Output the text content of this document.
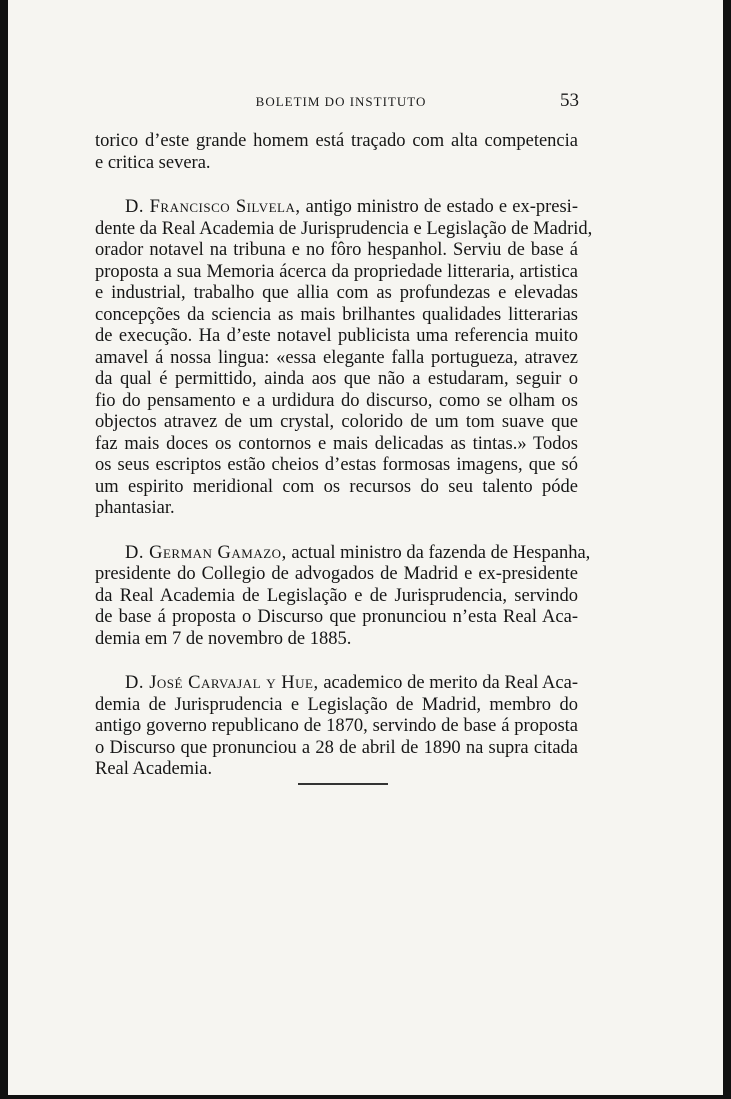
BOLETIM DO INSTITUTO	53

torico d’este grande homem está traçado com alta competencia
e critica severa.

D. Francisco Silvela, antigo ministro de estado e ex-presi-
dente da Real Academia de Jurisprudencia e Legislação de Madrid,
orador notavel na tribuna e no fôro hespanhol. Serviu de base á
proposta a sua Memoria ácerca da propriedade litteraria, artistica
e industrial, trabalho que allia com as profundezas e elevadas
concepções da sciencia as mais brilhantes qualidades litterarias
de execução. Ha d’este notavel publicista uma referencia muito
amavel á nossa lingua: «essa elegante falla portugueza, atravez
da qual é permittido, ainda aos que não a estudaram, seguir o
fio do pensamento e a urdidura do discurso, como se olham os
objectos atravez de um crystal, colorido de um tom suave que
faz mais doces os contornos e mais delicadas as tintas.» Todos
os seus escriptos estão cheios d’estas formosas imagens, que só
um espirito meridional com os recursos do seu talento póde
phantasiar.

D. German Gamazo, actual ministro da fazenda de Hespanha,
presidente do Collegio de advogados de Madrid e ex-presidente
da Real Academia de Legislação e de Jurisprudencia, servindo
de base á proposta o Discurso que pronunciou n’esta Real Aca-
demia em 7 de novembro de 1885.

D. José Carvajal y Hue, academico de merito da Real Aca-
demia de Jurisprudencia e Legislação de Madrid, membro do
antigo governo republicano de 1870, servindo de base á proposta
o Discurso que pronunciou a 28 de abril de 1890 na supra citada
Real Academia.
